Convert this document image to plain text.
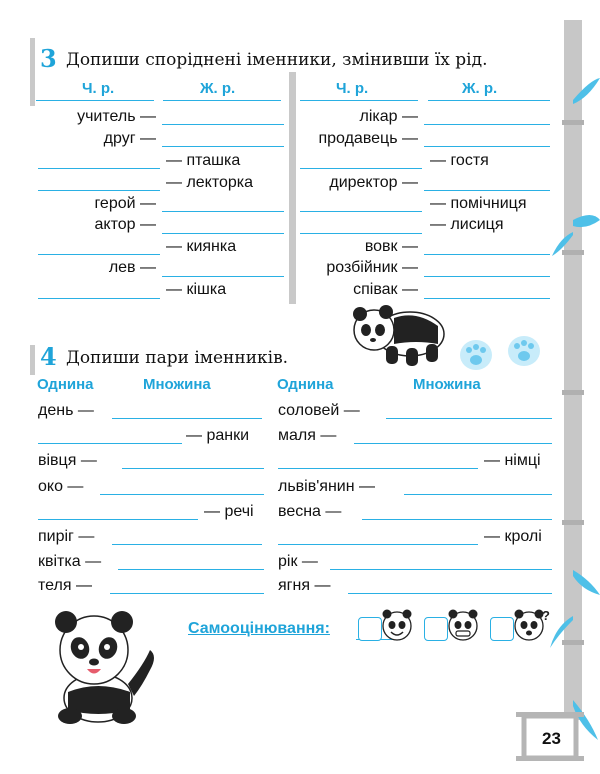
23
3 Допиши споріднені іменники, змінивши їх рід.
Ч. р.	Ж. р.	Ч. р.	Ж. р.
учитель —
друг —
— пташка
— лекторка
герой —
актор —
— киянка
лев —
— кішка
лікар —
продавець —
— гостя
директор —
— помічниця
— лисиця
вовк —
розбійник —
співак —
4 Допиши пари іменників.
Однина	Множина	Однина	Множина
день —
— ранки
вівця —
око —
— речі
пиріг —
квітка —
теля —
соловей —
маля —
— німці
львів'янин —
весна —
— кролі
рік —
ягня —
Самооцінювання:
?
